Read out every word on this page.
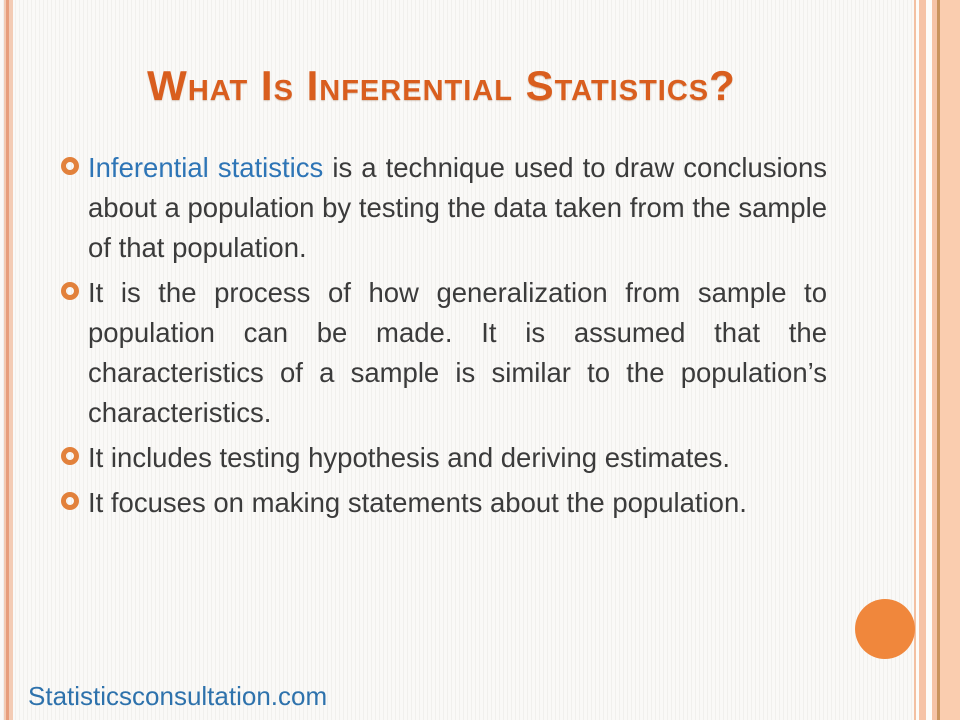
What Is Inferential Statistics?
Inferential statistics is a technique used to draw conclusions about a population by testing the data taken from the sample of that population.
It is the process of how generalization from sample to population can be made. It is assumed that the characteristics of a sample is similar to the population’s characteristics.
It includes testing hypothesis and deriving estimates.
It focuses on making statements about the population.
Statisticsconsultation.com
